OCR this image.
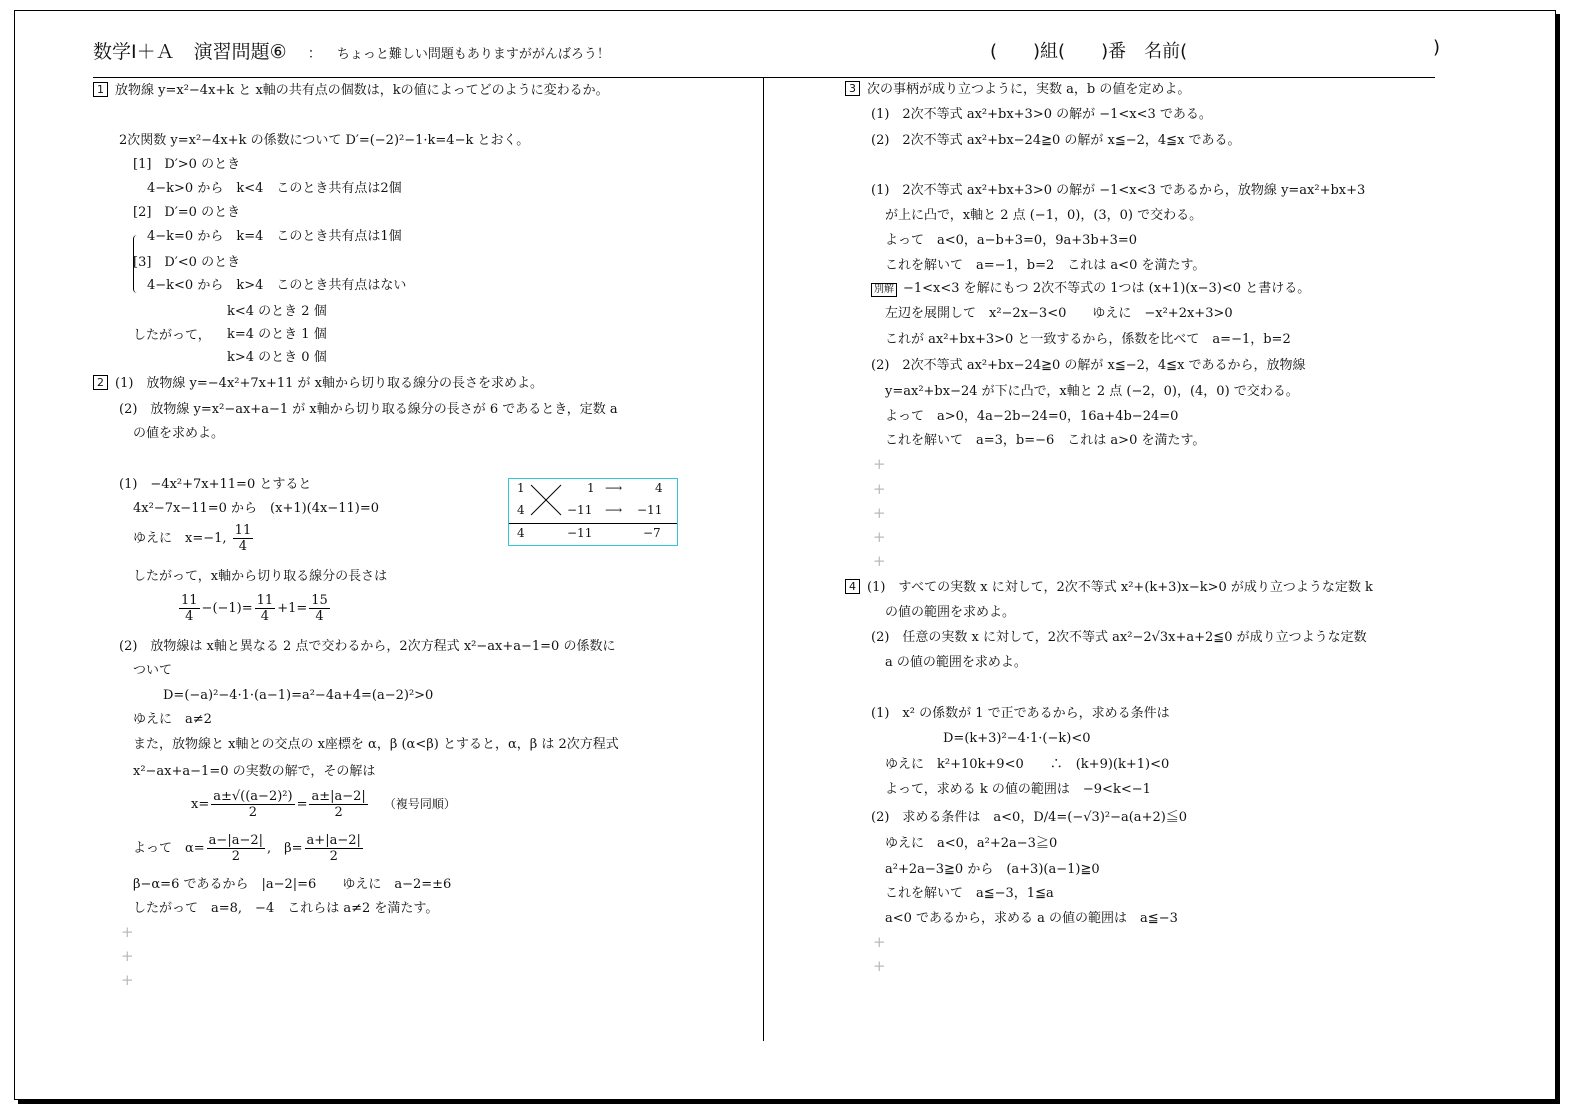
数学Ⅰ＋Ａ　演習問題⑥ ： ちょっと難しい問題もありますががんばろう！	(　　)組(　　)番　名前(	)
1 放物線 y=x²−4x+k と x軸の共有点の個数は，kの値によってどのように変わるか。
2次関数 y=x²−4x+k の係数について D′=(−2)²−1·k=4−k とおく。
[1]　D′>0 のとき
4−k>0 から　k<4　このとき共有点は2個
[2]　D′=0 のとき
4−k=0 から　k=4　このとき共有点は1個
[3]　D′<0 のとき
4−k<0 から　k>4　このとき共有点はない
したがって，
k<4 のとき 2 個
k=4 のとき 1 個
k>4 のとき 0 個
2 (1)　放物線 y=−4x²+7x+11 が x軸から切り取る線分の長さを求めよ。
(2)　放物線 y=x²−ax+a−1 が x軸から切り取る線分の長さが 6 であるとき，定数 a
の値を求めよ。
(1)　−4x²+7x+11=0 とすると
4x²−7x−11=0 から　(x+1)(4x−11)=0
ゆえに　x=−1, $\frac{11}{4}$
したがって，x軸から切り取る線分の長さは
$\frac{11}{4} -(-1)= \frac{11}{4} +1= \frac{15}{4}$
1	1 ⟶	4
4	−11 ⟶ −11
4	−11	−7
(2)　放物線は x軸と異なる 2 点で交わるから，2次方程式 x²−ax+a−1=0 の係数に
ついて
D=(−a)²−4·1·(a−1)=a²−4a+4=(a−2)²>0
ゆえに　a≠2
また，放物線と x軸との交点の x座標を α，β (α<β) とすると，α，β は 2次方程式
x²−ax+a−1=0 の実数の解で，その解は
$x= \frac{\text{a±√((a−2)²)}}{2} = \frac{a\pm|a-2|}{2}$ （複号同順）
よって　$\alpha= \frac{a-|a-2|}{2}$ ,　$\beta= \frac{a+|a-2|}{2}$
β−α=6 であるから　|a−2|=6　　ゆえに　a−2=±6
したがって　a=8,　−4　これらは a≠2 を満たす。
+
+
+
3 次の事柄が成り立つように，実数 a，b の値を定めよ。
(1)　2次不等式 ax²+bx+3>0 の解が −1<x<3 である。
(2)　2次不等式 ax²+bx−24≧0 の解が x≦−2，4≦x である。
(1)　2次不等式 ax²+bx+3>0 の解が −1<x<3 であるから，放物線 y=ax²+bx+3
が上に凸で，x軸と 2 点 (−1，0)，(3，0) で交わる。
よって　a<0，a−b+3=0，9a+3b+3=0
これを解いて　a=−1，b=2　これは a<0 を満たす。
別解 −1<x<3 を解にもつ 2次不等式の 1つは (x+1)(x−3)<0 と書ける。
左辺を展開して　x²−2x−3<0　　ゆえに　−x²+2x+3>0
これが ax²+bx+3>0 と一致するから，係数を比べて　a=−1，b=2
(2)　2次不等式 ax²+bx−24≧0 の解が x≦−2，4≦x であるから，放物線
y=ax²+bx−24 が下に凸で，x軸と 2 点 (−2，0)，(4，0) で交わる。
よって　a>0，4a−2b−24=0，16a+4b−24=0
これを解いて　a=3，b=−6　これは a>0 を満たす。
+
+
+
+
+
4 (1)　すべての実数 x に対して，2次不等式 x²+(k+3)x−k>0 が成り立つような定数 k
の値の範囲を求めよ。
(2)　任意の実数 x に対して，2次不等式 ax²−2√3x+a+2≦0 が成り立つような定数
a の値の範囲を求めよ。
(1)　x² の係数が 1 で正であるから，求める条件は
D=(k+3)²−4·1·(−k)<0
ゆえに　k²+10k+9<0　　∴　(k+9)(k+1)<0
よって，求める k の値の範囲は　−9<k<−1
(2)　求める条件は　a<0，D/4=(−√3)²−a(a+2)≦0
ゆえに　a<0，a²+2a−3≧0
a²+2a−3≧0 から　(a+3)(a−1)≧0
これを解いて　a≦−3，1≦a
a<0 であるから，求める a の値の範囲は　a≦−3
+
+
